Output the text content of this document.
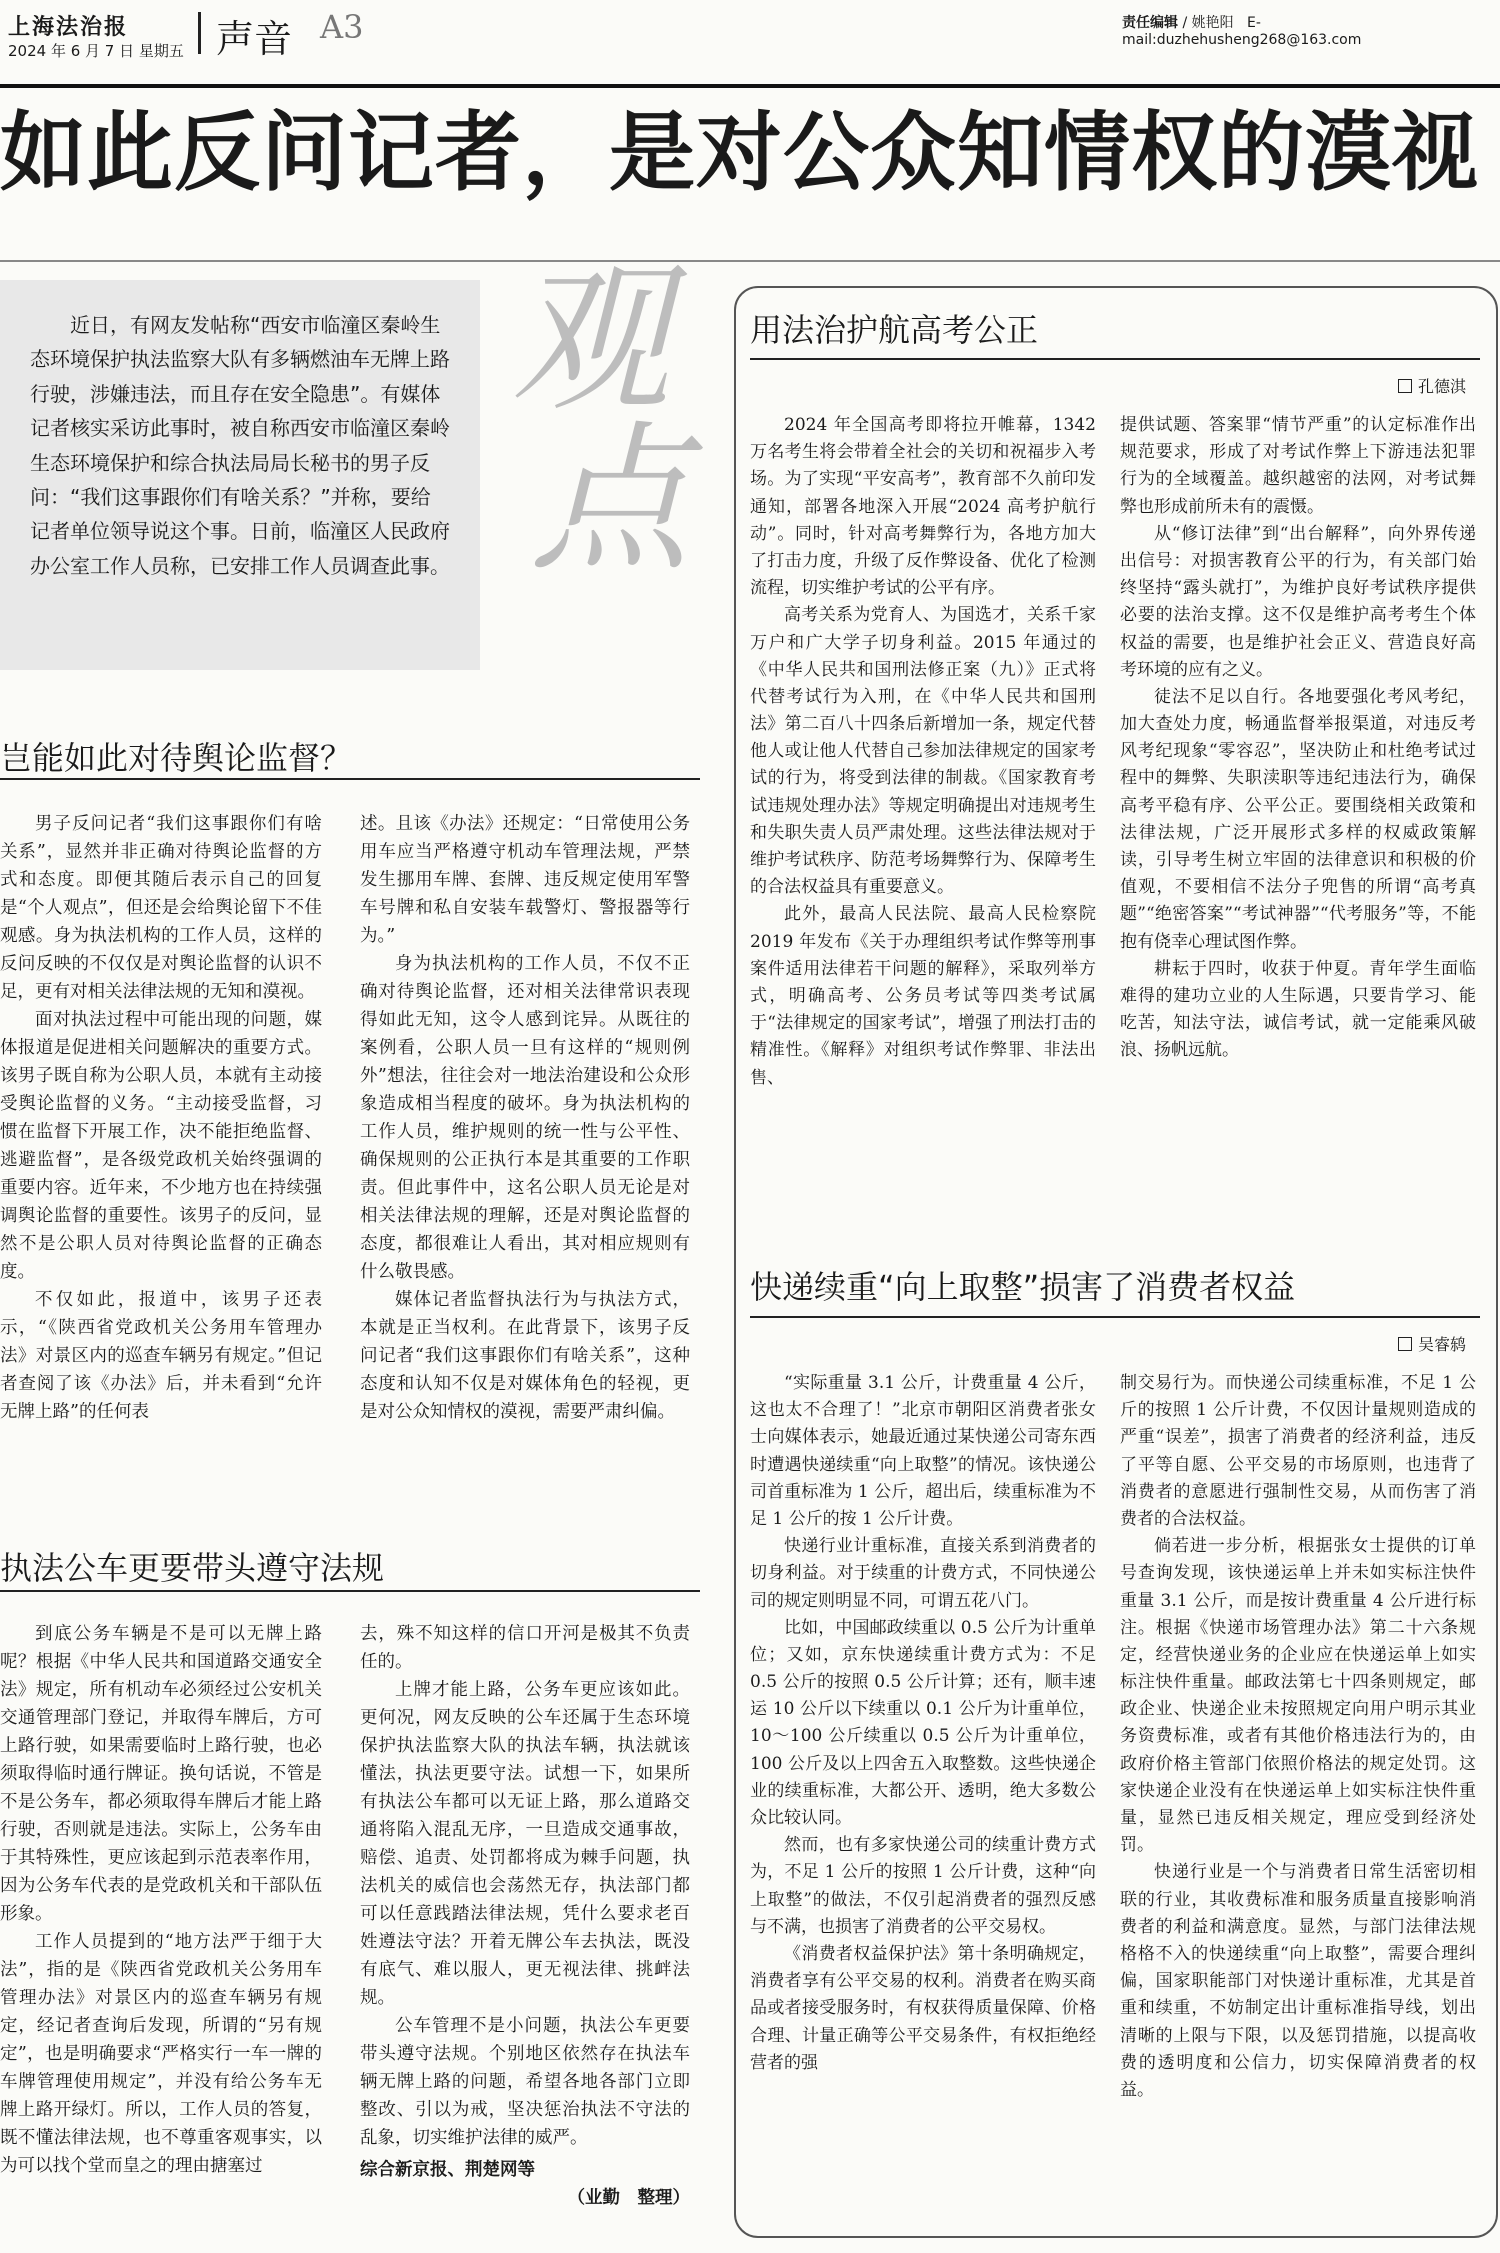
上海法治报
2024 年 6 月 7 日 星期五 声音 A3	责任编辑 / 姚艳阳 E-mail:duzhehusheng268@163.com
如此反问记者，是对公众知情权的漠视

近日，有网友发帖称“西安市临潼区秦岭生态环境保护执法监察大队有多辆燃油车无牌上路行驶，涉嫌违法，而且存在安全隐患”。有媒体记者核实采访此事时，被自称西安市临潼区秦岭生态环境保护和综合执法局局长秘书的男子反问：“我们这事跟你们有啥关系？”并称，要给记者单位领导说这个事。日前，临潼区人民政府办公室工作人员称，已安排工作人员调查此事。

观
点
岂能如此对待舆论监督？

男子反问记者“我们这事跟你们有啥关系”，显然并非正确对待舆论监督的方式和态度。即便其随后表示自己的回复是“个人观点”，但还是会给舆论留下不佳观感。身为执法机构的工作人员，这样的反问反映的不仅仅是对舆论监督的认识不足，更有对相关法律法规的无知和漠视。

面对执法过程中可能出现的问题，媒体报道是促进相关问题解决的重要方式。该男子既自称为公职人员，本就有主动接受舆论监督的义务。“主动接受监督，习惯在监督下开展工作，决不能拒绝监督、逃避监督”，是各级党政机关始终强调的重要内容。近年来，不少地方也在持续强调舆论监督的重要性。该男子的反问，显然不是公职人员对待舆论监督的正确态度。

不仅如此，报道中，该男子还表示，“《陕西省党政机关公务用车管理办法》对景区内的巡查车辆另有规定。”但记者查阅了该《办法》后，并未看到“允许无牌上路”的任何表

述。且该《办法》还规定：“日常使用公务用车应当严格遵守机动车管理法规，严禁发生挪用车牌、套牌、违反规定使用军警车号牌和私自安装车载警灯、警报器等行为。”

身为执法机构的工作人员，不仅不正确对待舆论监督，还对相关法律常识表现得如此无知，这令人感到诧异。从既往的案例看，公职人员一旦有这样的“规则例外”想法，往往会对一地法治建设和公众形象造成相当程度的破坏。身为执法机构的工作人员，维护规则的统一性与公平性、确保规则的公正执行本是其重要的工作职责。但此事件中，这名公职人员无论是对相关法律法规的理解，还是对舆论监督的态度，都很难让人看出，其对相应规则有什么敬畏感。

媒体记者监督执法行为与执法方式，本就是正当权利。在此背景下，该男子反问记者“我们这事跟你们有啥关系”，这种态度和认知不仅是对媒体角色的轻视，更是对公众知情权的漠视，需要严肃纠偏。

执法公车更要带头遵守法规

到底公务车辆是不是可以无牌上路呢？根据《中华人民共和国道路交通安全法》规定，所有机动车必须经过公安机关交通管理部门登记，并取得车牌后，方可上路行驶，如果需要临时上路行驶，也必须取得临时通行牌证。换句话说，不管是不是公务车，都必须取得车牌后才能上路行驶，否则就是违法。实际上，公务车由于其特殊性，更应该起到示范表率作用，因为公务车代表的是党政机关和干部队伍形象。

工作人员提到的“地方法严于细于大法”，指的是《陕西省党政机关公务用车管理办法》对景区内的巡查车辆另有规定，经记者查询后发现，所谓的“另有规定”，也是明确要求“严格实行一车一牌的车牌管理使用规定”，并没有给公务车无牌上路开绿灯。所以，工作人员的答复，既不懂法律法规，也不尊重客观事实，以为可以找个堂而皇之的理由搪塞过

去，殊不知这样的信口开河是极其不负责任的。

上牌才能上路，公务车更应该如此。更何况，网友反映的公车还属于生态环境保护执法监察大队的执法车辆，执法就该懂法，执法更要守法。试想一下，如果所有执法公车都可以无证上路，那么道路交通将陷入混乱无序，一旦造成交通事故，赔偿、追责、处罚都将成为棘手问题，执法机关的威信也会荡然无存，执法部门都可以任意践踏法律法规，凭什么要求老百姓遵法守法？开着无牌公车去执法，既没有底气、难以服人，更无视法律、挑衅法规。

公车管理不是小问题，执法公车更要带头遵守法规。个别地区依然存在执法车辆无牌上路的问题，希望各地各部门立即整改、引以为戒，坚决惩治执法不守法的乱象，切实维护法律的威严。

综合新京报、荆楚网等

（业勤　整理）

用法治护航高考公正
孔德淇

2024 年全国高考即将拉开帷幕，1342 万名考生将会带着全社会的关切和祝福步入考场。为了实现“平安高考”，教育部不久前印发通知，部署各地深入开展“2024 高考护航行动”。同时，针对高考舞弊行为，各地方加大了打击力度，升级了反作弊设备、优化了检测流程，切实维护考试的公平有序。

高考关系为党育人、为国选才，关系千家万户和广大学子切身利益。2015 年通过的《中华人民共和国刑法修正案（九）》正式将代替考试行为入刑，在《中华人民共和国刑法》第二百八十四条后新增加一条，规定代替他人或让他人代替自己参加法律规定的国家考试的行为，将受到法律的制裁。《国家教育考试违规处理办法》等规定明确提出对违规考生和失职失责人员严肃处理。这些法律法规对于维护考试秩序、防范考场舞弊行为、保障考生的合法权益具有重要意义。

此外，最高人民法院、最高人民检察院 2019 年发布《关于办理组织考试作弊等刑事案件适用法律若干问题的解释》，采取列举方式，明确高考、公务员考试等四类考试属于“法律规定的国家考试”，增强了刑法打击的精准性。《解释》对组织考试作弊罪、非法出售、

提供试题、答案罪“情节严重”的认定标准作出规范要求，形成了对考试作弊上下游违法犯罪行为的全域覆盖。越织越密的法网，对考试舞弊也形成前所未有的震慑。

从“修订法律”到“出台解释”，向外界传递出信号：对损害教育公平的行为，有关部门始终坚持“露头就打”，为维护良好考试秩序提供必要的法治支撑。这不仅是维护高考考生个体权益的需要，也是维护社会正义、营造良好高考环境的应有之义。

徒法不足以自行。各地要强化考风考纪，加大查处力度，畅通监督举报渠道，对违反考风考纪现象“零容忍”，坚决防止和杜绝考试过程中的舞弊、失职渎职等违纪违法行为，确保高考平稳有序、公平公正。要围绕相关政策和法律法规，广泛开展形式多样的权威政策解读，引导考生树立牢固的法律意识和积极的价值观，不要相信不法分子兜售的所谓“高考真题”“绝密答案”“考试神器”“代考服务”等，不能抱有侥幸心理试图作弊。

耕耘于四时，收获于仲夏。青年学生面临难得的建功立业的人生际遇，只要肯学习、能吃苦，知法守法，诚信考试，就一定能乘风破浪、扬帆远航。

快递续重“向上取整”损害了消费者权益
吴睿鸫

“实际重量 3.1 公斤，计费重量 4 公斤，这也太不合理了！”北京市朝阳区消费者张女士向媒体表示，她最近通过某快递公司寄东西时遭遇快递续重“向上取整”的情况。该快递公司首重标准为 1 公斤，超出后，续重标准为不足 1 公斤的按 1 公斤计费。

快递行业计重标准，直接关系到消费者的切身利益。对于续重的计费方式，不同快递公司的规定则明显不同，可谓五花八门。

比如，中国邮政续重以 0.5 公斤为计重单位；又如，京东快递续重计费方式为：不足 0.5 公斤的按照 0.5 公斤计算；还有，顺丰速运 10 公斤以下续重以 0.1 公斤为计重单位，10～100 公斤续重以 0.5 公斤为计重单位，100 公斤及以上四舍五入取整数。这些快递企业的续重标准，大都公开、透明，绝大多数公众比较认同。

然而，也有多家快递公司的续重计费方式为，不足 1 公斤的按照 1 公斤计费，这种“向上取整”的做法，不仅引起消费者的强烈反感与不满，也损害了消费者的公平交易权。

《消费者权益保护法》第十条明确规定，消费者享有公平交易的权利。消费者在购买商品或者接受服务时，有权获得质量保障、价格合理、计量正确等公平交易条件，有权拒绝经营者的强

制交易行为。而快递公司续重标准，不足 1 公斤的按照 1 公斤计费，不仅因计量规则造成的严重“误差”，损害了消费者的经济利益，违反了平等自愿、公平交易的市场原则，也违背了消费者的意愿进行强制性交易，从而伤害了消费者的合法权益。

倘若进一步分析，根据张女士提供的订单号查询发现，该快递运单上并未如实标注快件重量 3.1 公斤，而是按计费重量 4 公斤进行标注。根据《快递市场管理办法》第二十六条规定，经营快递业务的企业应在快递运单上如实标注快件重量。邮政法第七十四条则规定，邮政企业、快递企业未按照规定向用户明示其业务资费标准，或者有其他价格违法行为的，由政府价格主管部门依照价格法的规定处罚。这家快递企业没有在快递运单上如实标注快件重量，显然已违反相关规定，理应受到经济处罚。

快递行业是一个与消费者日常生活密切相联的行业，其收费标准和服务质量直接影响消费者的利益和满意度。显然，与部门法律法规格格不入的快递续重“向上取整”，需要合理纠偏，国家职能部门对快递计重标准，尤其是首重和续重，不妨制定出计重标准指导线，划出清晰的上限与下限，以及惩罚措施，以提高收费的透明度和公信力，切实保障消费者的权益。
